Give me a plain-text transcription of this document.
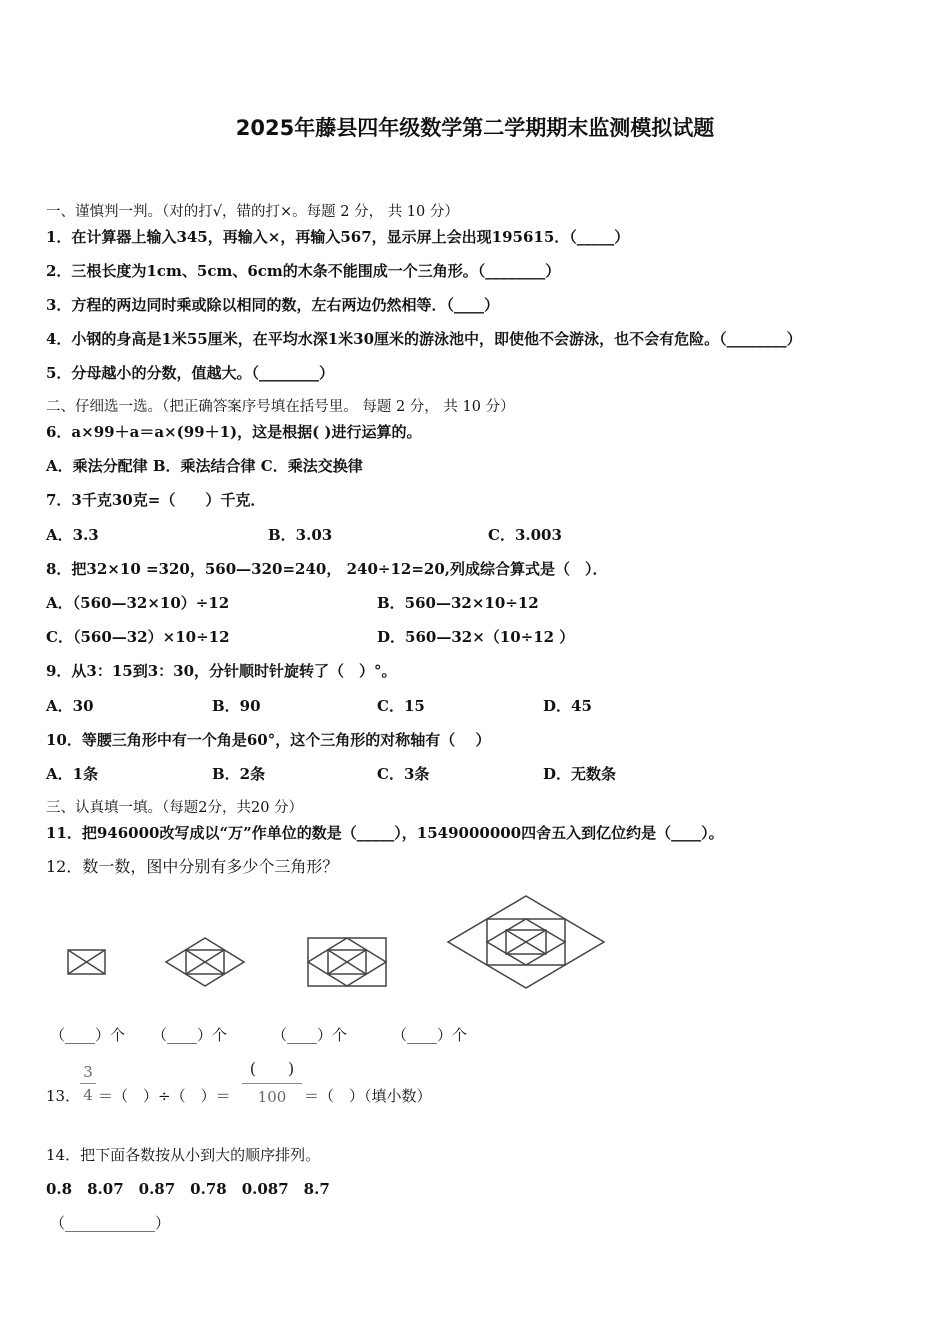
2025年藤县四年级数学第二学期期末监测模拟试题
一、谨慎判一判。（对的打√，错的打×。每题 2 分， 共 10 分）
1．在计算器上输入345，再输入×，再输入567，显示屏上会出现195615．（_____）
2．三根长度为1cm、5cm、6cm的木条不能围成一个三角形。（________）
3．方程的两边同时乘或除以相同的数，左右两边仍然相等．（____）
4．小钢的身高是1米55厘米，在平均水深1米30厘米的游泳池中，即使他不会游泳，也不会有危险。（________）
5．分母越小的分数，值越大。（________）
二、仔细选一选。（把正确答案序号填在括号里。 每题 2 分， 共 10 分）
6．a×99＋a＝a×(99＋1)，这是根据( )进行运算的。
A．乘法分配律 B．乘法结合律 C．乘法交换律
7．3千克30克=（　　）千克．
A．3.3	B．3.03	C．3.003
8．把32×10 =320，560—320=240， 240÷12=20,列成综合算式是（　）．
A．（560—32×10）÷12	B．560—32×10÷12
C．（560—32）×10÷12	D．560—32×（10÷12 ）
9．从3：15到3：30，分针顺时针旋转了（　）°。
A．30	B．90	C．15	D．45
10．等腰三角形中有一个角是60°，这个三角形的对称轴有（　 ）
A．1条	B．2条	C．3条	D．无数条
三、认真填一填。（每题2分，共20 分）
11．把946000改写成以“万”作单位的数是（_____），1549000000四舍五入到亿位约是（____）。
12．数一数，图中分别有多少个三角形？
（____）个 （____）个	（____）个	（____）个
13．
3
4 ＝（　）÷（　）＝
(　　)
100	＝（　）（填小数）
14．把下面各数按从小到大的顺序排列。
0.8　8.07　0.87　0.78　0.087　8.7
（____________）
